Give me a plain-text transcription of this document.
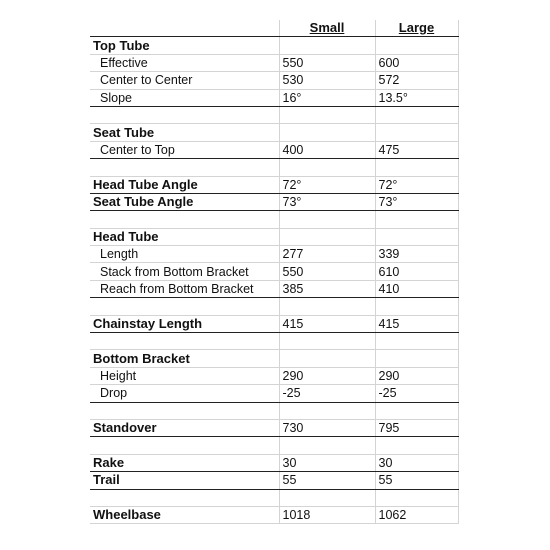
	Small	Large
Top Tube		
Effective	550	600
Center to Center	530	572
Slope	16°	13.5°

Seat Tube		
Center to Top	400	475

Head Tube Angle	72°	72°
Seat Tube Angle	73°	73°

Head Tube		
Length	277	339
Stack from Bottom Bracket	550	610
Reach from Bottom Bracket	385	410

Chainstay Length	415	415

Bottom Bracket		
Height	290	290
Drop	-25	-25

Standover	730	795

Rake	30	30
Trail	55	55

Wheelbase	1018	1062
